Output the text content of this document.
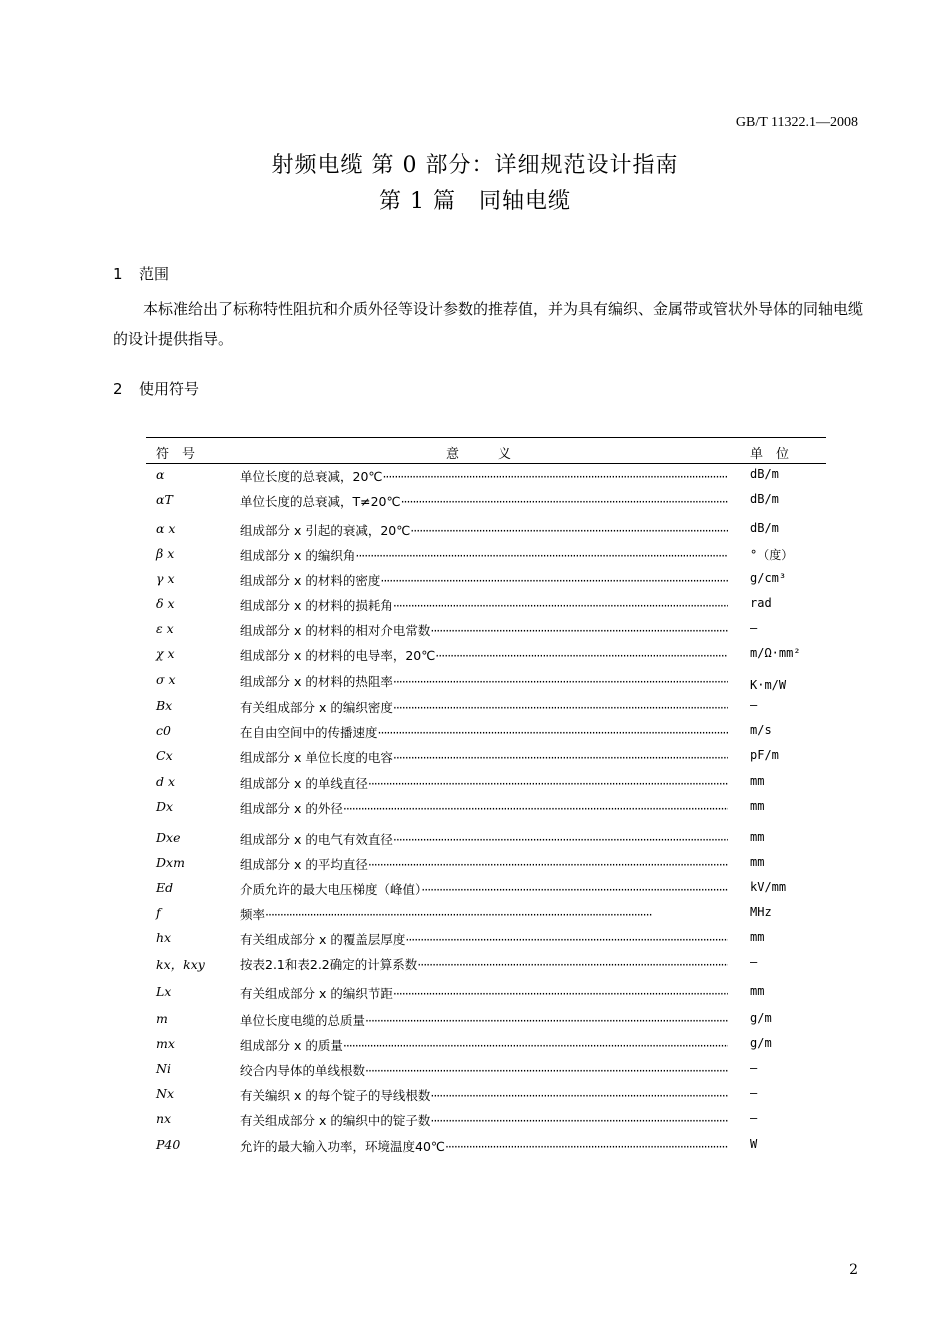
GB/T 11322.1—2008
射频电缆 第 0 部分：详细规范设计指南
第 1 篇　同轴电缆
1 范围
本标准给出了标称特性阻抗和介质外径等设计参数的推荐值，并为具有编织、金属带或管状外导体的同轴电缆的设计提供指导。
2 使用符号
符　号	意　　　义	单　位
α	单位长度的总衰减，20℃ ·····	dB/m
αT	单位长度的总衰减，T≠20℃ ·····	dB/m
α x	组成部分 x 引起的衰减，20℃ ·····	dB/m
β x	组成部分 x 的编织角 ·····	°（度）
γ x	组成部分 x 的材料的密度 ·····	g/cm³
δ x	组成部分 x 的材料的损耗角 ·····	rad
ε x	组成部分 x 的材料的相对介电常数 ·····	—
χ x	组成部分 x 的材料的电导率，20℃ ·····	m/Ω·mm²
σ x	组成部分 x 的材料的热阻率 ·····	K·m/W
Bx	有关组成部分 x 的编织密度 ·····	—
c0	在自由空间中的传播速度 ·····	m/s
Cx	组成部分 x 单位长度的电容 ·····	pF/m
d x	组成部分 x 的单线直径 ·····	mm
Dx	组成部分 x 的外径 ·····	mm
Dxe	组成部分 x 的电气有效直径 ·····	mm
Dxm	组成部分 x 的平均直径 ·····	mm
Ed	介质允许的最大电压梯度（峰值） ·····	kV/mm
f	频率 ·····	MHz
hx	有关组成部分 x 的覆盖层厚度 ·····	mm
kx，kxy	按表2.1和表2.2确定的计算系数 ·····	—
Lx	有关组成部分 x 的编织节距 ·····	mm
m	单位长度电缆的总质量 ·····	g/m
mx	组成部分 x 的质量 ·····	g/m
Ni	绞合内导体的单线根数 ·····	—
Nx	有关编织 x 的每个锭子的导线根数 ·····	—
nx	有关组成部分 x 的编织中的锭子数 ·····	—
P40	允许的最大输入功率，环境温度40℃ ·····	W
2
